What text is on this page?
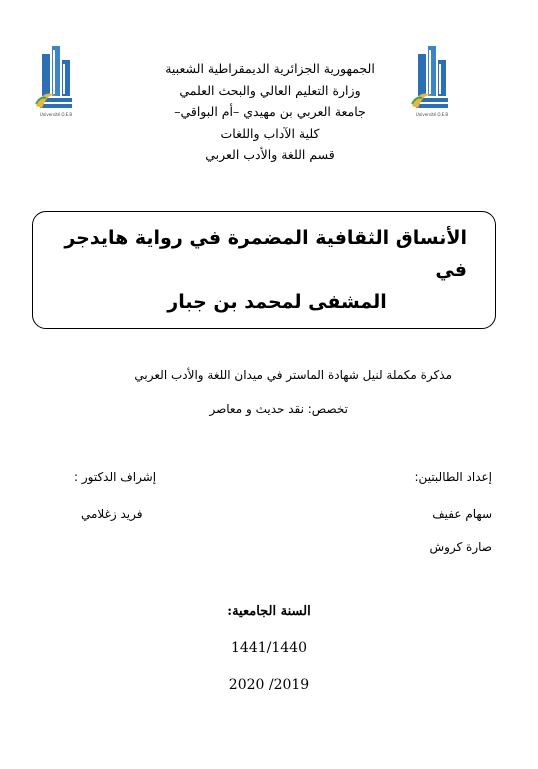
Université O.E.B	Université O.E.B
الجمهورية الجزائرية الديمقراطية الشعبية
وزارة التعليم العالي والبحث العلمي
جامعة العربي بن مهيدي –أم البواقي–
كلية الآداب واللغات
قسم اللغة والأدب العربي
الأنساق الثقافية المضمرة في رواية هايدجر في
المشفى لمحمد بن جبار
مذكرة مكملة لنيل شهادة الماستر في ميدان اللغة والأدب العربي
تخصص: نقد حديث و معاصر
إعداد الطالبتين:
سهام عفيف
صارة كروش
إشراف الدكتور :
فريد زغلامي
السنة الجامعية:
1441/1440
2020 /2019
